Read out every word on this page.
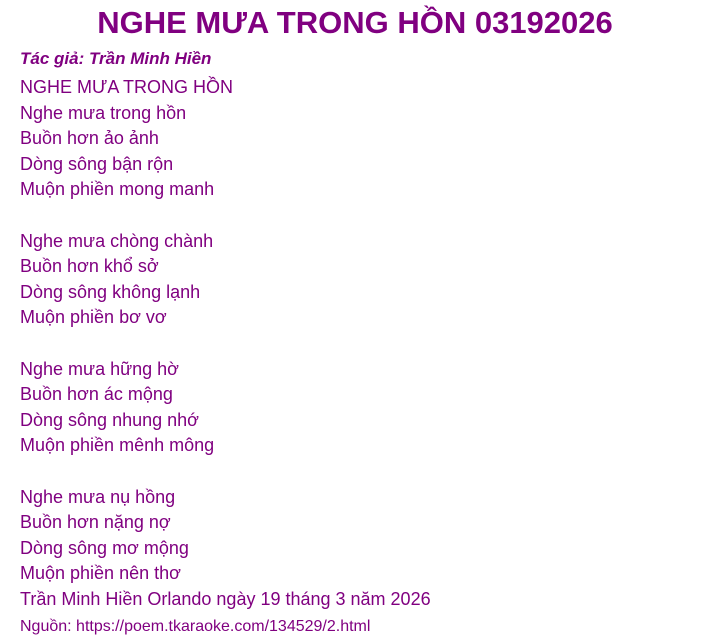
NGHE MƯA TRONG HỒN 03192026
Tác giả: Trần Minh Hiền
NGHE MƯA TRONG HỒN
Nghe mưa trong hồn
Buồn hơn ảo ảnh
Dòng sông bận rộn
Muộn phiền mong manh

Nghe mưa chòng chành
Buồn hơn khổ sở
Dòng sông không lạnh
Muộn phiền bơ vơ

Nghe mưa hững hờ
Buồn hơn ác mộng
Dòng sông nhung nhớ
Muộn phiền mênh mông

Nghe mưa nụ hồng
Buồn hơn nặng nợ
Dòng sông mơ mộng
Muộn phiền nên thơ
Trần Minh Hiền Orlando ngày 19 tháng 3 năm 2026
Nguồn: https://poem.tkaraoke.com/134529/2.html
